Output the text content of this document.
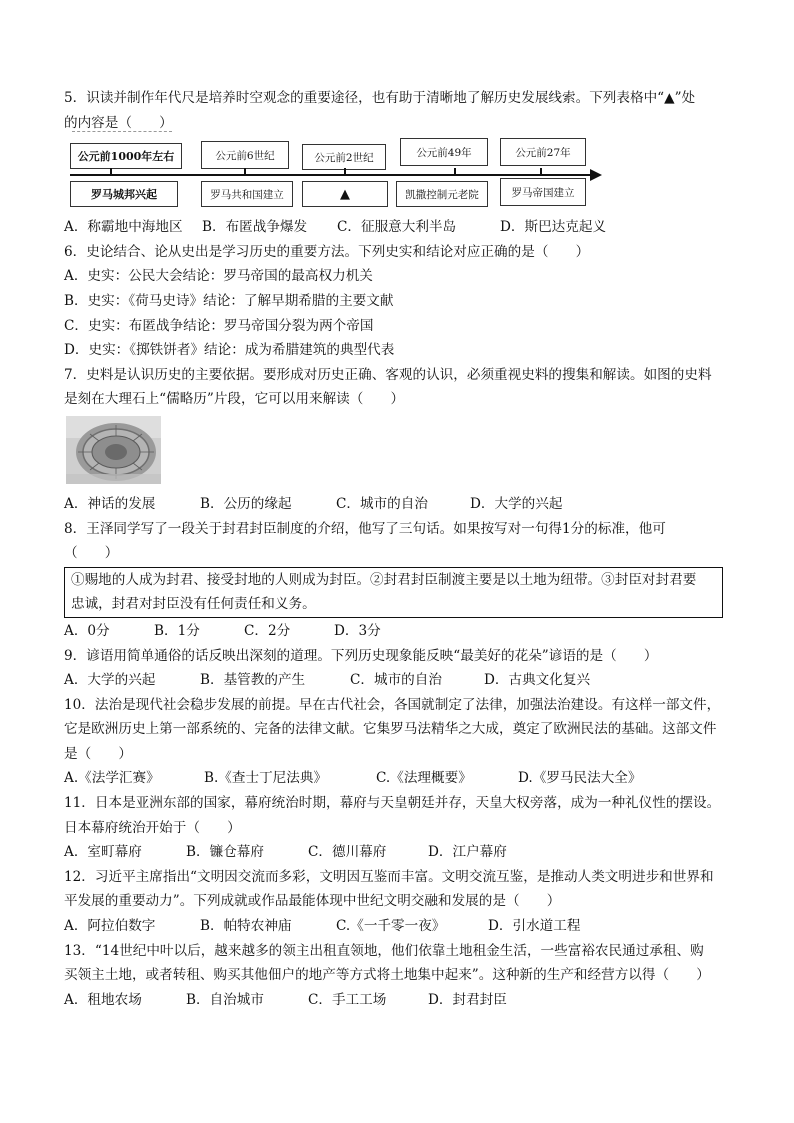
5．识读并制作年代尺是培养时空观念的重要途径，也有助于清晰地了解历史发展线索。下列表格中“▲”处
的内容是（　　）
公元前1000年左右	公元前6世纪	公元前2世纪	公元前49年	公元前27年
罗马城邦兴起	罗马共和国建立	▲	凯撒控制元老院	罗马帝国建立
A．称霸地中海地区	B．布匿战争爆发	C．征服意大利半岛	D．斯巴达克起义
6．史论结合、论从史出是学习历史的重要方法。下列史实和结论对应正确的是（　　）
A．史实：公民大会结论：罗马帝国的最高权力机关
B．史实：《荷马史诗》结论：了解早期希腊的主要文献
C．史实：布匿战争结论：罗马帝国分裂为两个帝国
D．史实：《掷铁饼者》结论：成为希腊建筑的典型代表
7．史料是认识历史的主要依据。要形成对历史正确、客观的认识，必须重视史料的搜集和解读。如图的史料
是刻在大理石上“儒略历”片段，它可以用来解读（　　）
A．神话的发展	B．公历的缘起	C．城市的自治	D．大学的兴起
8．王泽同学写了一段关于封君封臣制度的介绍，他写了三句话。如果按写对一句得1分的标准，他可
（　　）
①赐地的人成为封君、接受封地的人则成为封臣。②封君封臣制渡主要是以土地为纽带。③封臣对封君要
忠诚，封君对封臣没有任何责任和义务。
A．0分	B．1分	C．2分	D．3分
9．谚语用简单通俗的话反映出深刻的道理。下列历史现象能反映“最美好的花朵”谚语的是（　　）
A．大学的兴起	B．基管教的产生	C．城市的自治	D．古典文化复兴
10．法治是现代社会稳步发展的前提。早在古代社会，各国就制定了法律，加强法治建设。有这样一部文件，
它是欧洲历史上第一部系统的、完备的法律文献。它集罗马法精华之大成，奠定了欧洲民法的基础。这部文件
是（　　）
A.《法学汇赛》	B.《查士丁尼法典》	C.《法理概要》	D.《罗马民法大全》
11．日本是亚洲东部的国家，幕府统治时期，幕府与天皇朝廷并存，天皇大权旁落，成为一种礼仪性的摆设。
日本幕府统治开始于（　　）
A．室町幕府	B．镰仓幕府	C．德川幕府	D．江户幕府
12．习近平主席指出“文明因交流而多彩，文明因互鉴而丰富。文明交流互鉴，是推动人类文明进步和世界和
平发展的重要动力”。下列成就或作品最能体现中世纪文明交融和发展的是（　　）
A．阿拉伯数字	B．帕特农神庙	C.《一千零一夜》	D．引水道工程
13．“14世纪中叶以后，越来越多的领主出租直领地，他们依靠土地租金生活，一些富裕农民通过承租、购
买领主土地，或者转租、购买其他佃户的地产等方式将土地集中起来”。这种新的生产和经营方以得（　　）
A．租地农场	B．自治城市	C．手工工场	D．封君封臣
